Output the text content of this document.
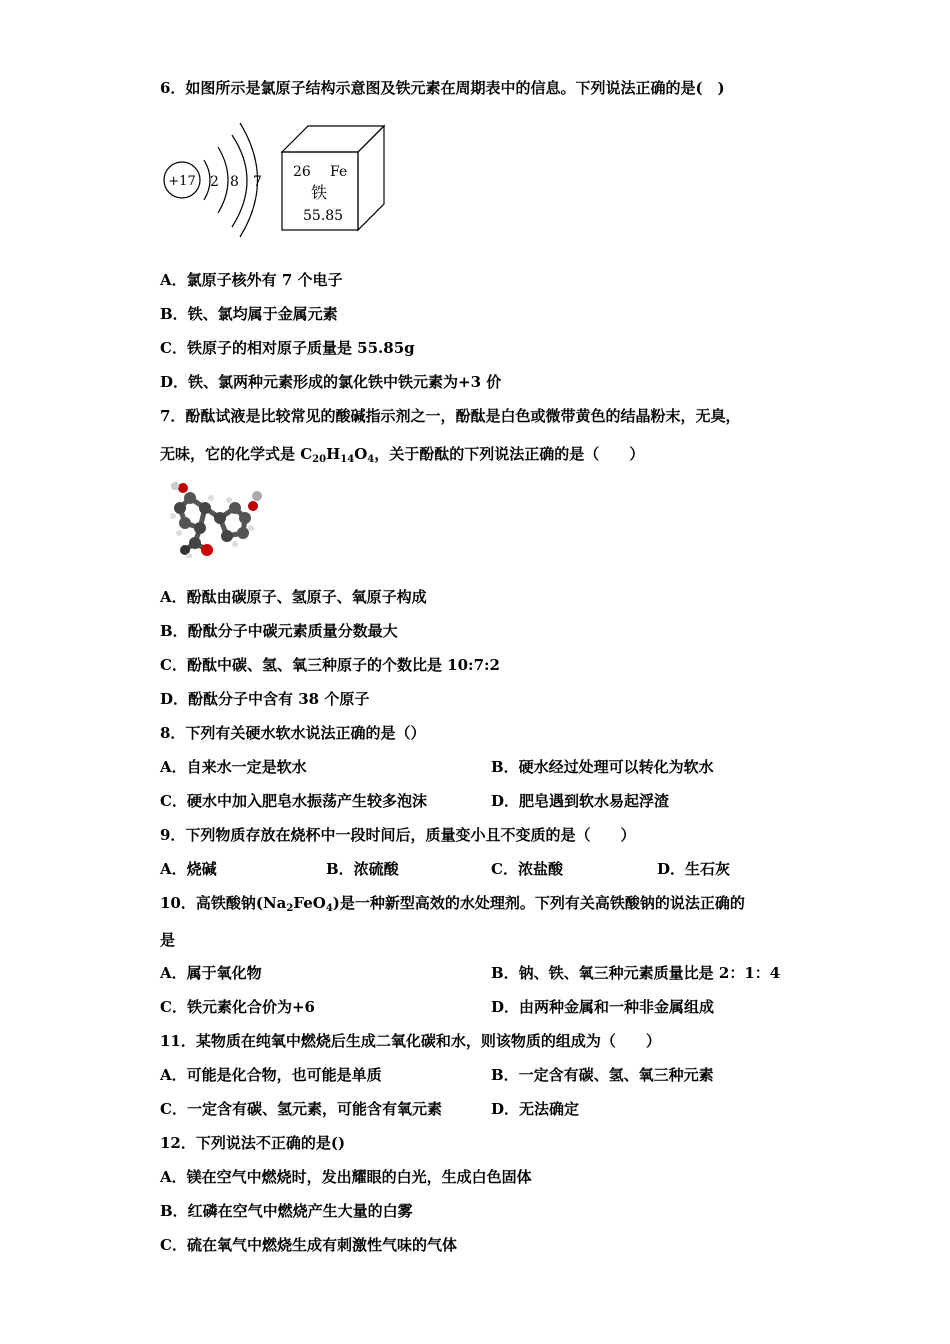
6．如图所示是氯原子结构示意图及铁元素在周期表中的信息。下列说法正确的是(　)
+17 2 8 7
26 Fe
铁
55.85
A．氯原子核外有 7 个电子
B．铁、氯均属于金属元素
C．铁原子的相对原子质量是 55.85g
D．铁、氯两种元素形成的氯化铁中铁元素为+3 价
7．酚酞试液是比较常见的酸碱指示剂之一，酚酞是白色或微带黄色的结晶粉末，无臭，
无味，它的化学式是 $C_{20}H_{14}O_4$，关于酚酞的下列说法正确的是（　　）
A．酚酞由碳原子、氢原子、氧原子构成
B．酚酞分子中碳元素质量分数最大
C．酚酞中碳、氢、氧三种原子的个数比是 10:7:2
D．酚酞分子中含有 38 个原子
8．下列有关硬水软水说法正确的是（）
A．自来水一定是软水	B．硬水经过处理可以转化为软水
C．硬水中加入肥皂水振荡产生较多泡沫	D．肥皂遇到软水易起浮渣
9．下列物质存放在烧杯中一段时间后，质量变小且不变质的是（　　）
A．烧碱	B．浓硫酸	C．浓盐酸	D．生石灰
10．高铁酸钠$(Na_2FeO_4)$是一种新型高效的水处理剂。下列有关高铁酸钠的说法正确的
是
A．属于氧化物	B．钠、铁、氧三种元素质量比是 2：1：4
C．铁元素化合价为+6	D．由两种金属和一种非金属组成
11．某物质在纯氧中燃烧后生成二氧化碳和水，则该物质的组成为（　　）
A．可能是化合物，也可能是单质	B．一定含有碳、氢、氧三种元素
C．一定含有碳、氢元素，可能含有氧元素	D．无法确定
12．下列说法不正确的是()
A．镁在空气中燃烧时，发出耀眼的白光，生成白色固体
B．红磷在空气中燃烧产生大量的白雾
C．硫在氧气中燃烧生成有刺激性气味的气体
